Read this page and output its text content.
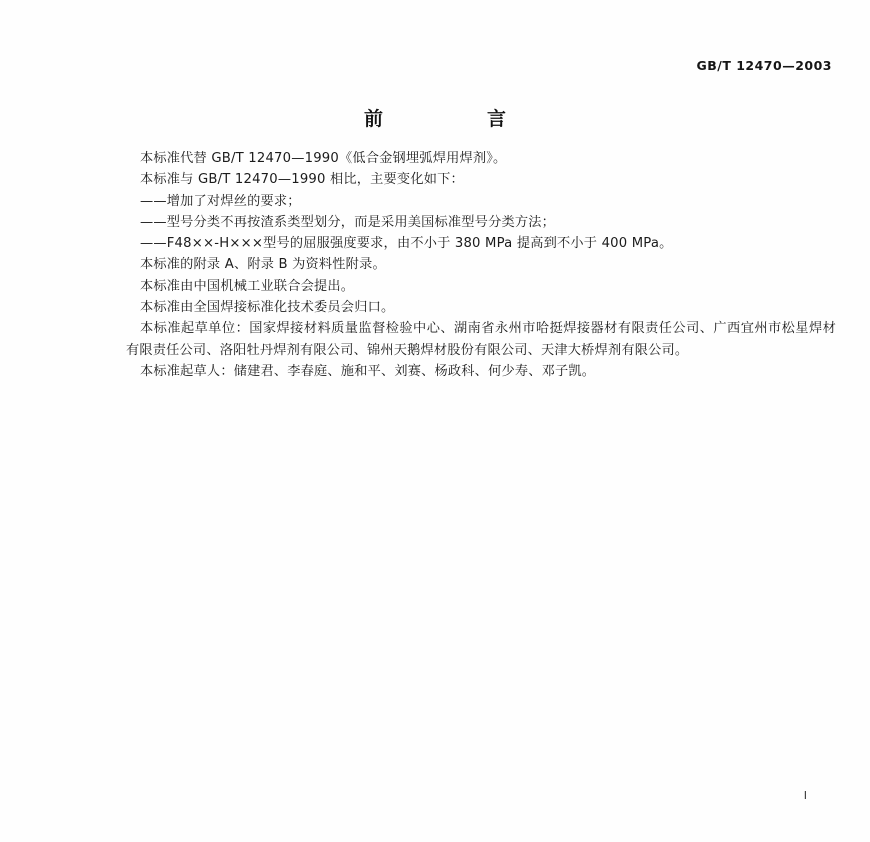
GB/T 12470—2003
前　　言

本标准代替 GB/T 12470—1990《低合金钢埋弧焊用焊剂》。

本标准与 GB/T 12470—1990 相比，主要变化如下：

——增加了对焊丝的要求；

——型号分类不再按渣系类型划分，而是采用美国标准型号分类方法；

——F48××-H×××型号的屈服强度要求，由不小于 380 MPa 提高到不小于 400 MPa。

本标准的附录 A、附录 B 为资料性附录。

本标准由中国机械工业联合会提出。

本标准由全国焊接标准化技术委员会归口。

本标准起草单位：国家焊接材料质量监督检验中心、湖南省永州市哈挺焊接器材有限责任公司、广西宜州市松星焊材有限责任公司、洛阳牡丹焊剂有限公司、锦州天鹅焊材股份有限公司、天津大桥焊剂有限公司。

本标准起草人：储建君、李春庭、施和平、刘赛、杨政科、何少寿、邓子凯。

Ⅰ
